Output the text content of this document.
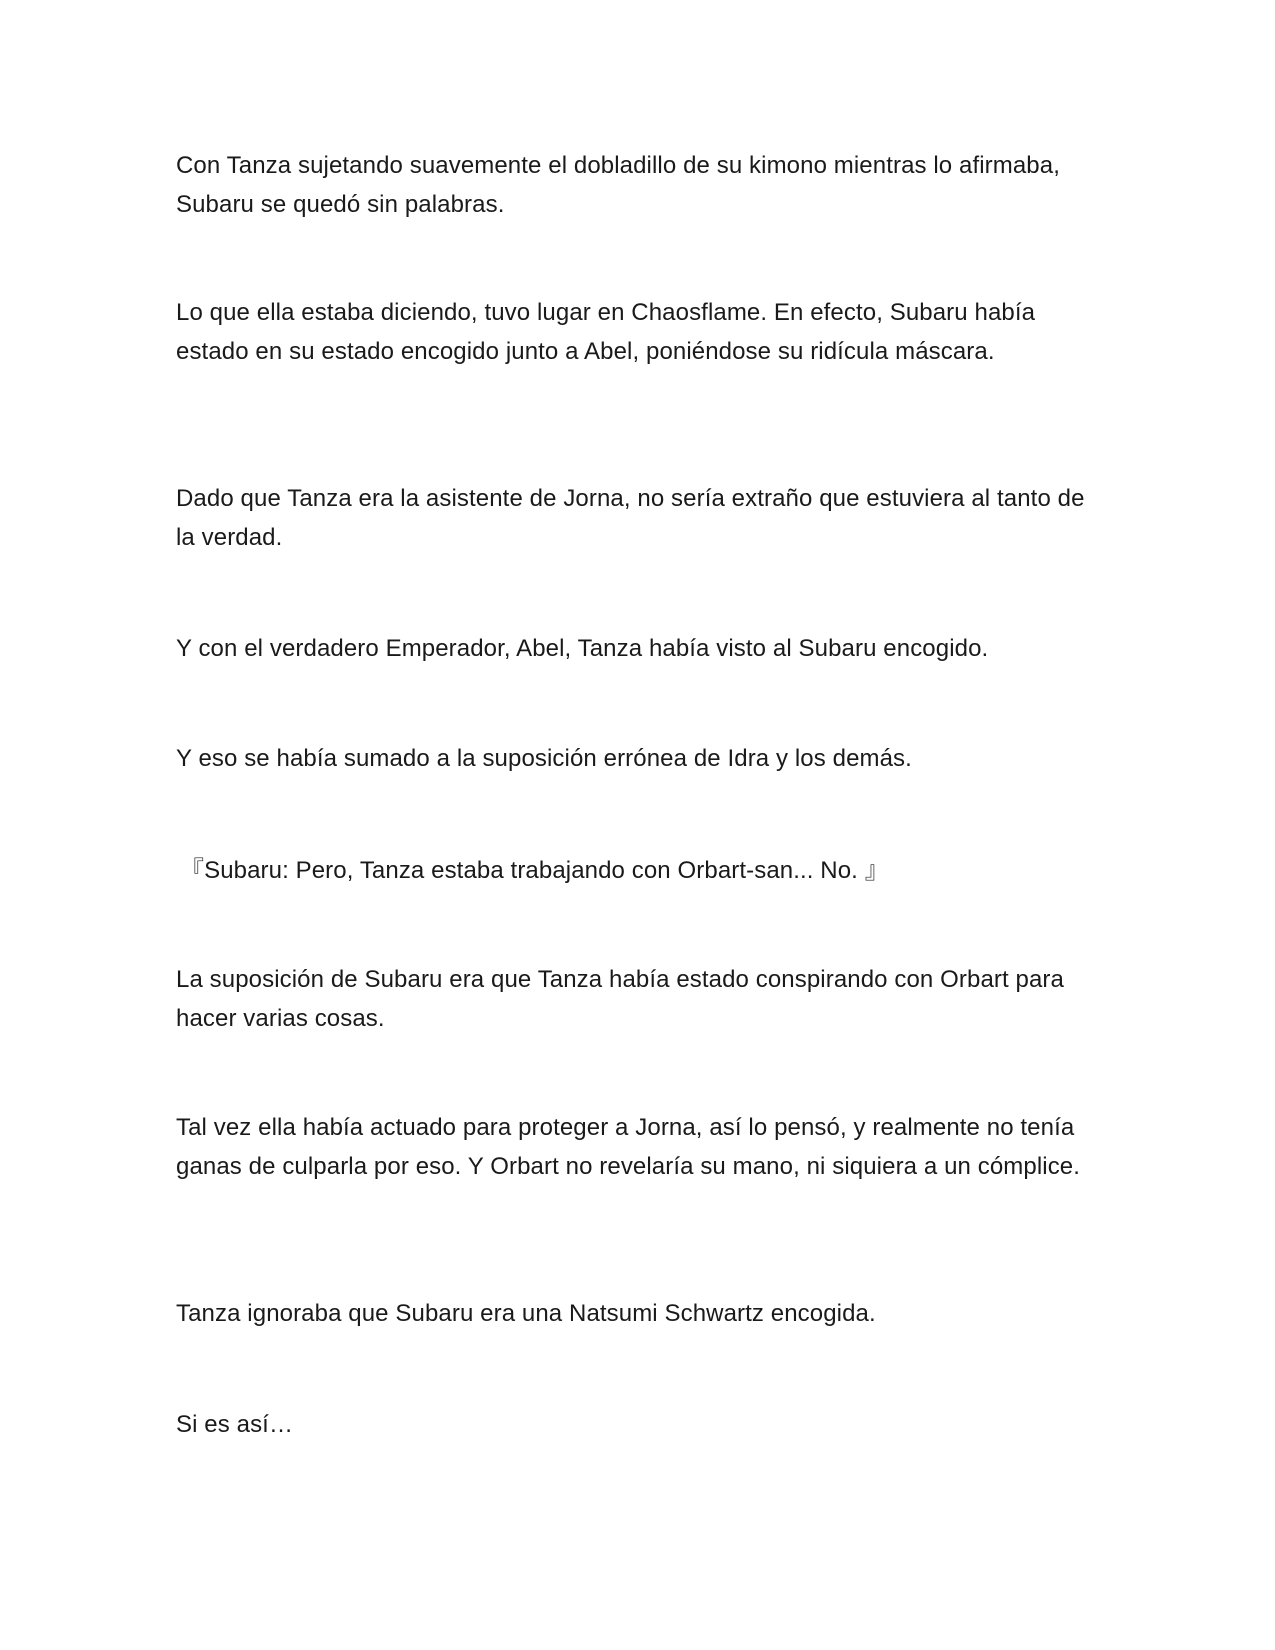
Con Tanza sujetando suavemente el dobladillo de su kimono mientras lo afirmaba, Subaru se quedó sin palabras.

Lo que ella estaba diciendo, tuvo lugar en Chaosflame. En efecto, Subaru había estado en su estado encogido junto a Abel, poniéndose su ridícula máscara.

Dado que Tanza era la asistente de Jorna, no sería extraño que estuviera al tanto de la verdad.

Y con el verdadero Emperador, Abel, Tanza había visto al Subaru encogido.

Y eso se había sumado a la suposición errónea de Idra y los demás.

『Subaru: Pero, Tanza estaba trabajando con Orbart-san... No. 』

La suposición de Subaru era que Tanza había estado conspirando con Orbart para hacer varias cosas.

Tal vez ella había actuado para proteger a Jorna, así lo pensó, y realmente no tenía ganas de culparla por eso. Y Orbart no revelaría su mano, ni siquiera a un cómplice.

Tanza ignoraba que Subaru era una Natsumi Schwartz encogida.

Si es así…
